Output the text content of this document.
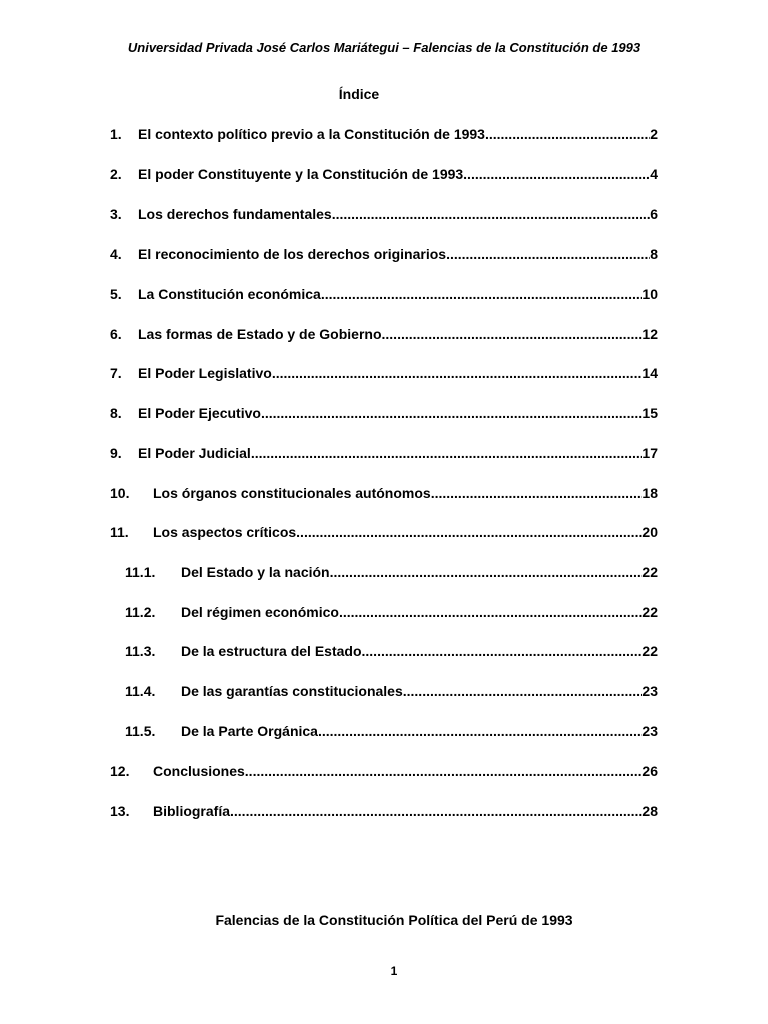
Universidad Privada José Carlos Mariátegui – Falencias de la Constitución de 1993
Índice
1.	El contexto político previo a la Constitución de 1993 .....	2
2.	El poder Constituyente y la Constitución de 1993 .....	4
3.	Los derechos fundamentales .....	6
4.	El reconocimiento de los derechos originarios .....	8
5.	La Constitución económica .....	10
6.	Las formas de Estado y de Gobierno .....	12
7.	El Poder Legislativo .....	14
8.	El Poder Ejecutivo .....	15
9.	El Poder Judicial .....	17
10.	Los órganos constitucionales autónomos .....	18
11.	Los aspectos críticos .....	20
11.1.	Del Estado y la nación .....	22
11.2.	Del régimen económico .....	22
11.3.	De la estructura del Estado .....	22
11.4.	De las garantías constitucionales .....	23
11.5.	De la Parte Orgánica .....	23
12.	Conclusiones .....	26
13.	Bibliografía .....	28
Falencias de la Constitución Política del Perú de 1993
1
